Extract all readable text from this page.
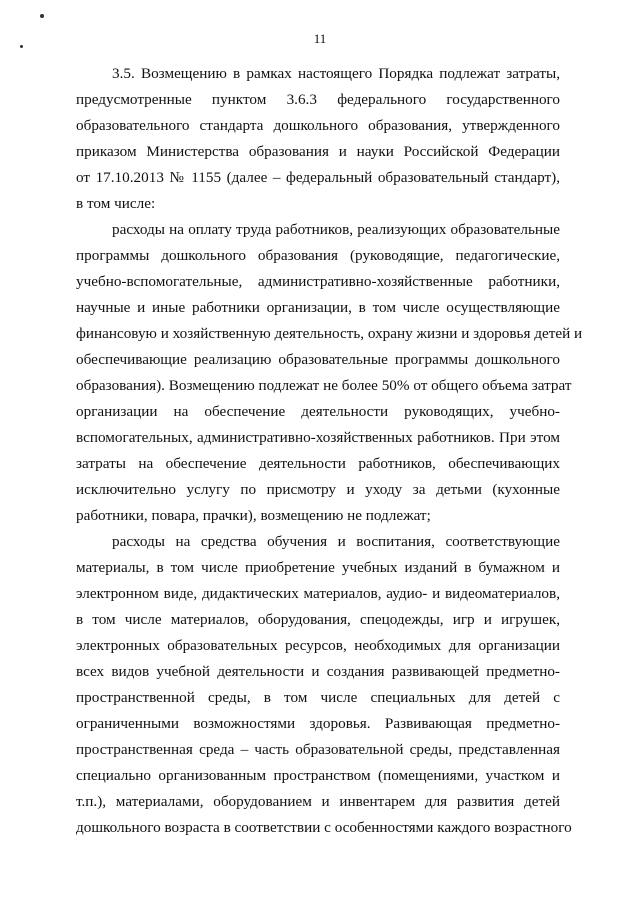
11
3.5. Возмещению в рамках настоящего Порядка подлежат затраты,
предусмотренные пунктом 3.6.3 федерального государственного
образовательного стандарта дошкольного образования, утвержденного
приказом Министерства образования и науки Российской Федерации
от 17.10.2013 № 1155 (далее – федеральный образовательный стандарт),
в том числе:
расходы на оплату труда работников, реализующих образовательные
программы дошкольного образования (руководящие, педагогические,
учебно-вспомогательные, административно-хозяйственные работники,
научные и иные работники организации, в том числе осуществляющие
финансовую и хозяйственную деятельность, охрану жизни и здоровья детей и
обеспечивающие реализацию образовательные программы дошкольного
образования). Возмещению подлежат не более 50% от общего объема затрат
организации на обеспечение деятельности руководящих, учебно-
вспомогательных, административно-хозяйственных работников. При этом
затраты на обеспечение деятельности работников, обеспечивающих
исключительно услугу по присмотру и уходу за детьми (кухонные
работники, повара, прачки), возмещению не подлежат;
расходы на средства обучения и воспитания, соответствующие
материалы, в том числе приобретение учебных изданий в бумажном и
электронном виде, дидактических материалов, аудио- и видеоматериалов,
в том числе материалов, оборудования, спецодежды, игр и игрушек,
электронных образовательных ресурсов, необходимых для организации
всех видов учебной деятельности и создания развивающей предметно-
пространственной среды, в том числе специальных для детей с
ограниченными возможностями здоровья. Развивающая предметно-
пространственная среда – часть образовательной среды, представленная
специально организованным пространством (помещениями, участком и
т.п.), материалами, оборудованием и инвентарем для развития детей
дошкольного возраста в соответствии с особенностями каждого возрастного
